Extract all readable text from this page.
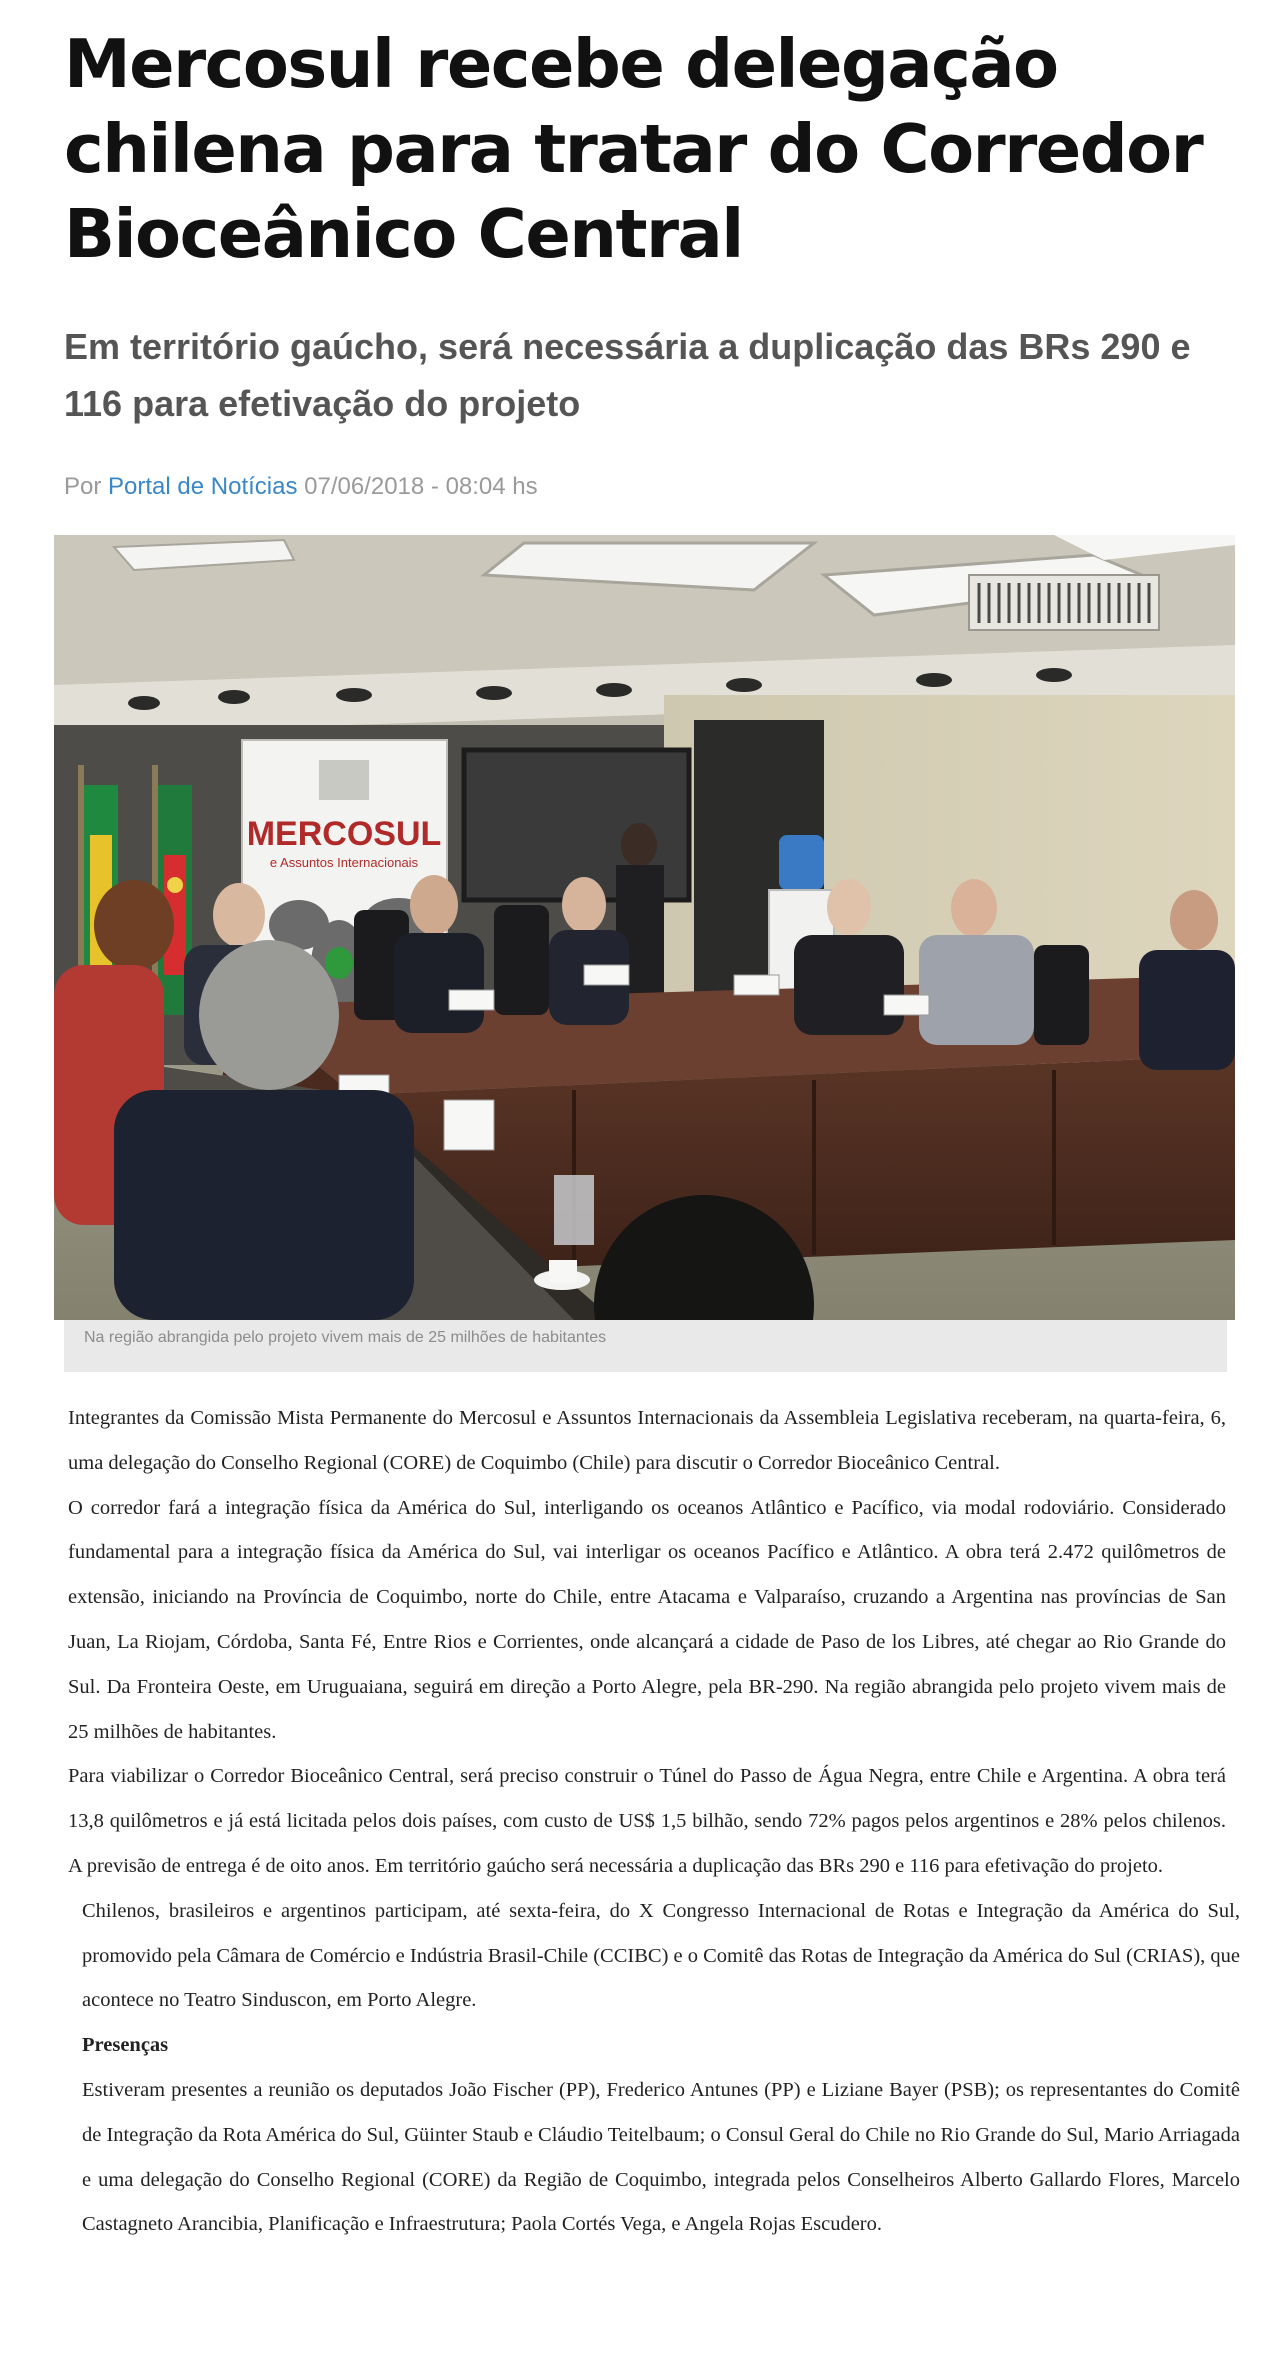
Mercosul recebe delegação chilena para tratar do Corredor Bioceânico Central
Em território gaúcho, será necessária a duplicação das BRs 290 e 116 para efetivação do projeto
Por Portal de Notícias 07/06/2018 - 08:04 hs
MERCOSUL
e Assuntos Internacionais
Na região abrangida pelo projeto vivem mais de 25 milhões de habitantes

Integrantes da Comissão Mista Permanente do Mercosul e Assuntos Internacionais da Assembleia Legislativa receberam, na quarta-feira, 6, uma delegação do Conselho Regional (CORE) de Coquimbo (Chile) para discutir o Corredor Bioceânico Central.

O corredor fará a integração física da América do Sul, interligando os oceanos Atlântico e Pacífico, via modal rodoviário. Considerado fundamental para a integração física da América do Sul, vai interligar os oceanos Pacífico e Atlântico. A obra terá 2.472 quilômetros de extensão, iniciando na Província de Coquimbo, norte do Chile, entre Atacama e Valparaíso, cruzando a Argentina nas províncias de San Juan, La Riojam, Córdoba, Santa Fé, Entre Rios e Corrientes, onde alcançará a cidade de Paso de los Libres, até chegar ao Rio Grande do Sul. Da Fronteira Oeste, em Uruguaiana, seguirá em direção a Porto Alegre, pela BR-290. Na região abrangida pelo projeto vivem mais de 25 milhões de habitantes.

Para viabilizar o Corredor Bioceânico Central, será preciso construir o Túnel do Passo de Água Negra, entre Chile e Argentina. A obra terá 13,8 quilômetros e já está licitada pelos dois países, com custo de US$ 1,5 bilhão, sendo 72% pagos pelos argentinos e 28% pelos chilenos. A previsão de entrega é de oito anos. Em território gaúcho será necessária a duplicação das BRs 290 e 116 para efetivação do projeto.

Chilenos, brasileiros e argentinos participam, até sexta-feira, do X Congresso Internacional de Rotas e Integração da América do Sul, promovido pela Câmara de Comércio e Indústria Brasil-Chile (CCIBC) e o Comitê das Rotas de Integração da América do Sul (CRIAS), que acontece no Teatro Sinduscon, em Porto Alegre.

Presenças

Estiveram presentes a reunião os deputados João Fischer (PP), Frederico Antunes (PP) e Liziane Bayer (PSB); os representantes do Comitê de Integração da Rota América do Sul, Güinter Staub e Cláudio Teitelbaum; o Consul Geral do Chile no Rio Grande do Sul, Mario Arriagada e uma delegação do Conselho Regional (CORE) da Região de Coquimbo, integrada pelos Conselheiros Alberto Gallardo Flores, Marcelo Castagneto Arancibia, Planificação e Infraestrutura; Paola Cortés Vega, e Angela Rojas Escudero.
